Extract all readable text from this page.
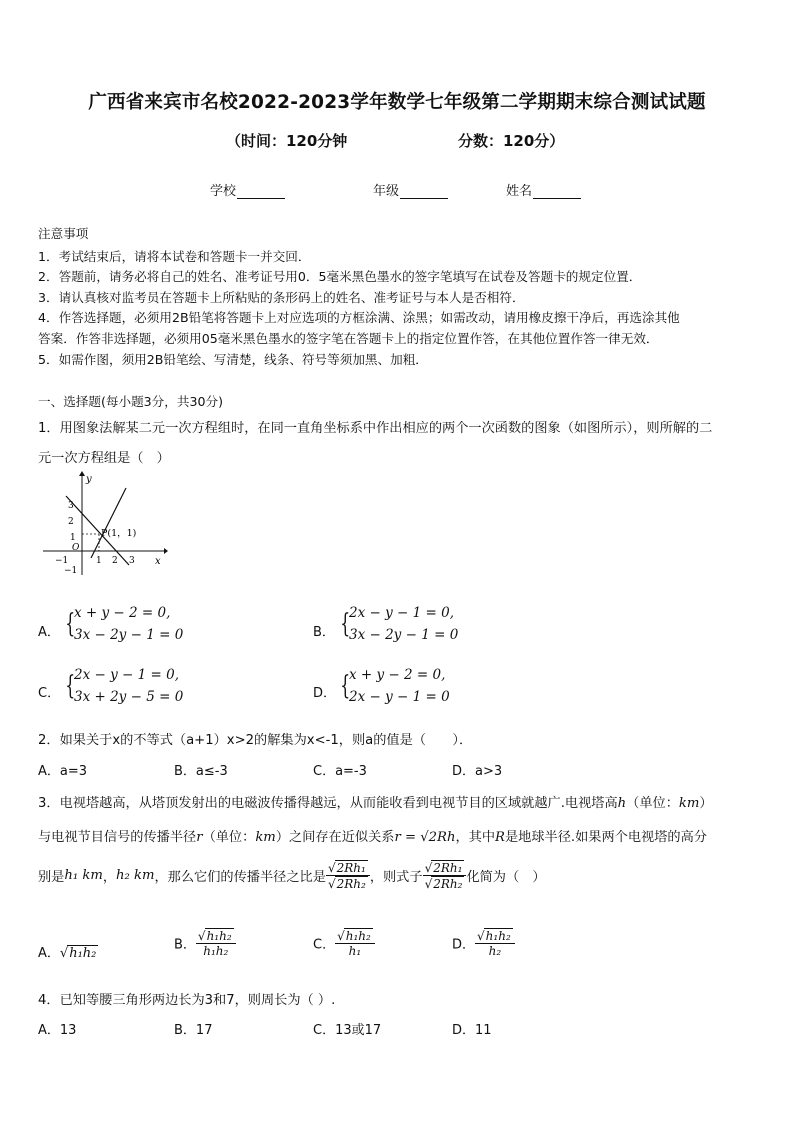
广西省来宾市名校2022-2023学年数学七年级第二学期期末综合测试试题
（时间：120分钟	分数：120分）
学校	年级	姓名
注意事项
1．考试结束后，请将本试卷和答题卡一并交回．
2．答题前，请务必将自己的姓名、准考证号用0．5毫米黑色墨水的签字笔填写在试卷及答题卡的规定位置．
3．请认真核对监考员在答题卡上所粘贴的条形码上的姓名、准考证号与本人是否相符．
4．作答选择题，必须用2B铅笔将答题卡上对应选项的方框涂满、涂黑；如需改动，请用橡皮擦干净后，再选涂其他
答案．作答非选择题，必须用05毫米黑色墨水的签字笔在答题卡上的指定位置作答，在其他位置作答一律无效．
5．如需作图，须用2B铅笔绘、写清楚，线条、符号等须加黑、加粗．
一、选择题(每小题3分，共30分)
1．用图象法解某二元一次方程组时，在同一直角坐标系中作出相应的两个一次函数的图象（如图所示），则所解的二
元一次方程组是（　）
y
x
O
P(1，1)
−1	1 2 3
3
2
1
−1
A． {
x + y − 2 = 0,
3x − 2y − 1 = 0	B． {
2x − y − 1 = 0,
3x − 2y − 1 = 0
C． {
2x − y − 1 = 0,
3x + 2y − 5 = 0	D． {
x + y − 2 = 0,
2x − y − 1 = 0
2．如果关于x的不等式（a+1）x>2的解集为x<-1，则a的值是（　　）．
A．a=3	B．a≤-3	C．a=-3	D．a>3
3．电视塔越高，从塔顶发射出的电磁波传播得越远，从而能收看到电视节目的区域就越广.电视塔高h（单位：km）
与电视节目信号的传播半径r（单位：km）之间存在近似关系r = √2Rh，其中R是地球半径.如果两个电视塔的高分
别是h₁ km，h₂ km，那么它们的传播半径之比是 $\frac{\text{√2Rh₁}}{\text{√2Rh₂}}$ ，则式子 $\frac{\text{√2Rh₁}}{\text{√2Rh₂}}$ 化简为（　）
A．√h₁h₂
B． $\frac{\text{√h₁h₂}}{\text{h₁h₂}}$	C． $\frac{\text{√h₁h₂}}{\text{h₁}}$	D． $\frac{\text{√h₁h₂}}{\text{h₂}}$
4．已知等腰三角形两边长为3和7，则周长为（ ）.
A．13	B．17	C．13或17	D．11
